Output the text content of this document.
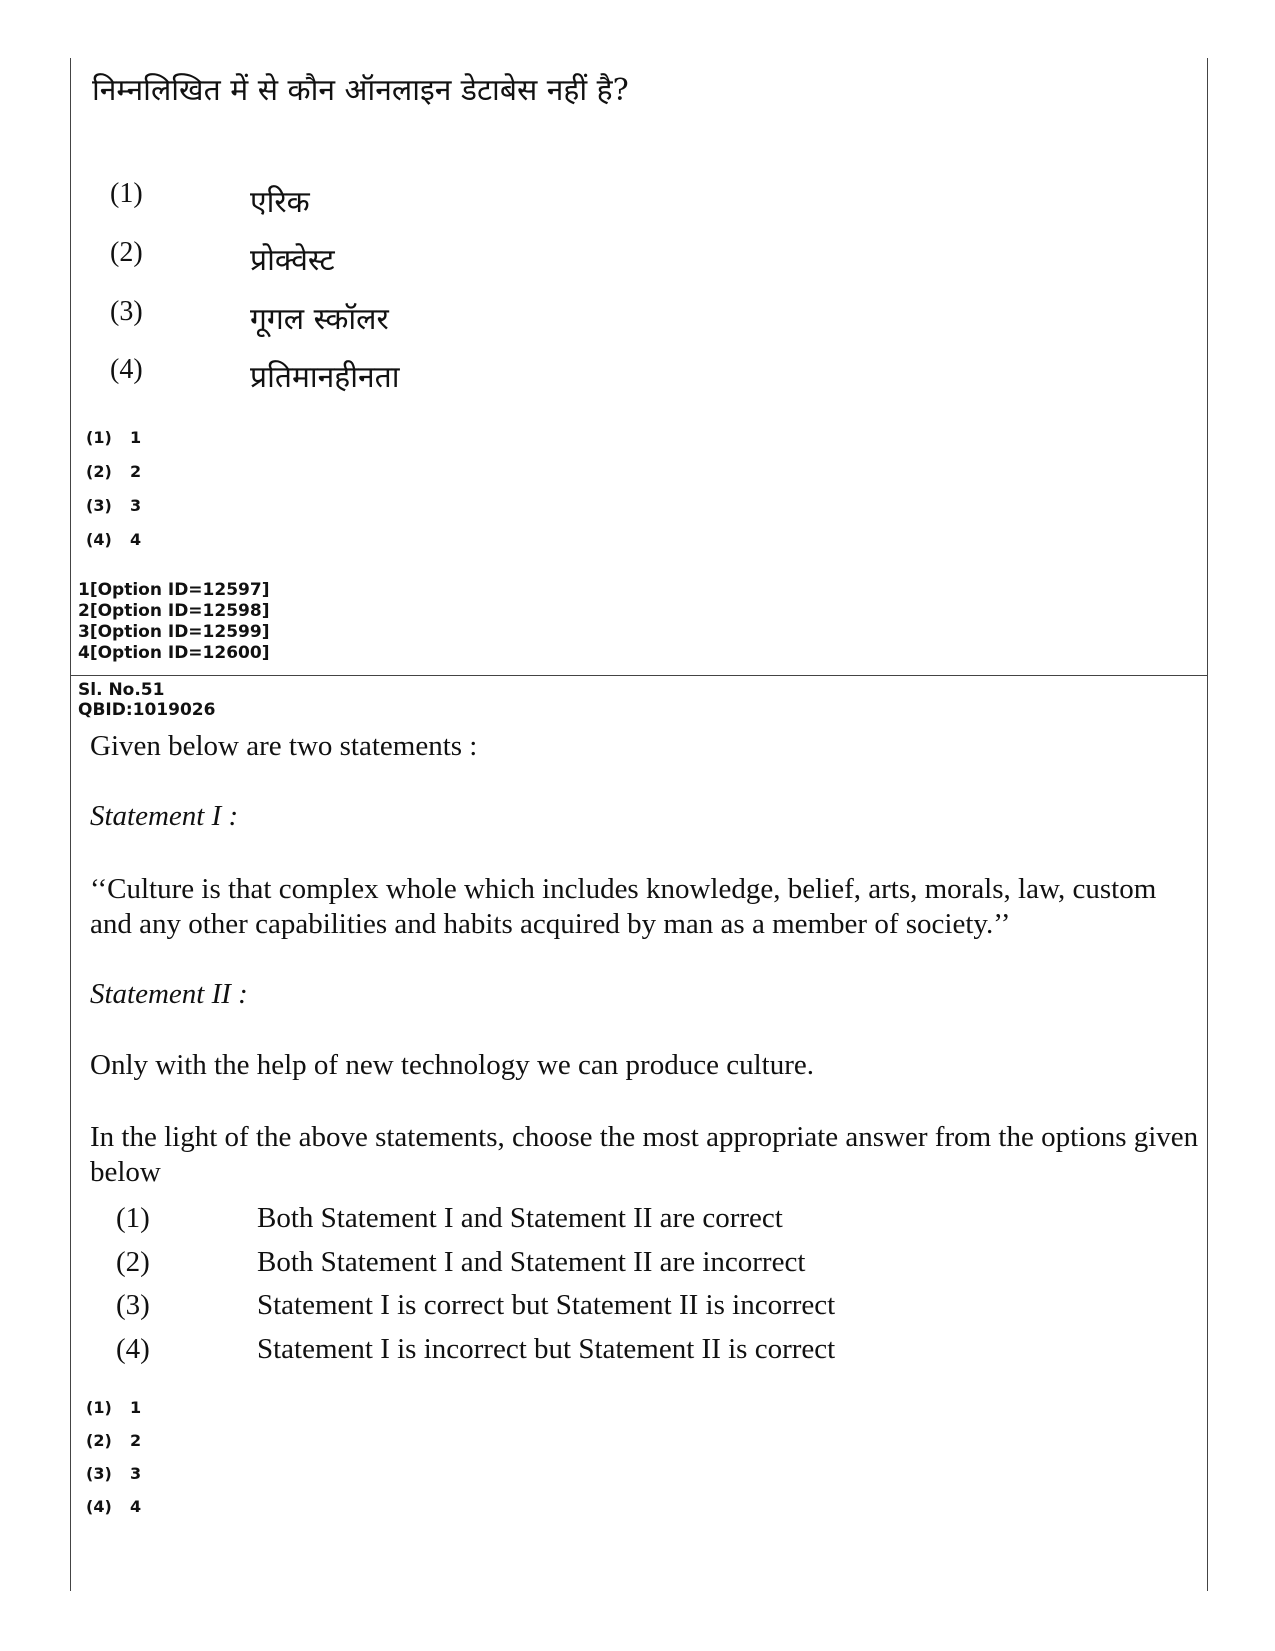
निम्नलिखित में से कौन ऑनलाइन डेटाबेस नहीं है?
(1)	एरिक
(2)	प्रोक्वेस्ट
(3)	गूगल स्कॉलर
(4)	प्रतिमानहीनता
(1) 1
(2) 2
(3) 3
(4) 4
1[Option ID=12597]
2[Option ID=12598]
3[Option ID=12599]
4[Option ID=12600]
Sl. No.51
QBID:1019026
Given below are two statements :
Statement I :
‘‘Culture is that complex whole which includes knowledge, belief, arts, morals, law, custom and any other capabilities and habits acquired by man as a member of society.’’
Statement II :
Only with the help of new technology we can produce culture.
In the light of the above statements, choose the most appropriate answer from the options given below
(1)	Both Statement I and Statement II are correct
(2)	Both Statement I and Statement II are incorrect
(3)	Statement I is correct but Statement II is incorrect
(4)	Statement I is incorrect but Statement II is correct
(1) 1
(2) 2
(3) 3
(4) 4
